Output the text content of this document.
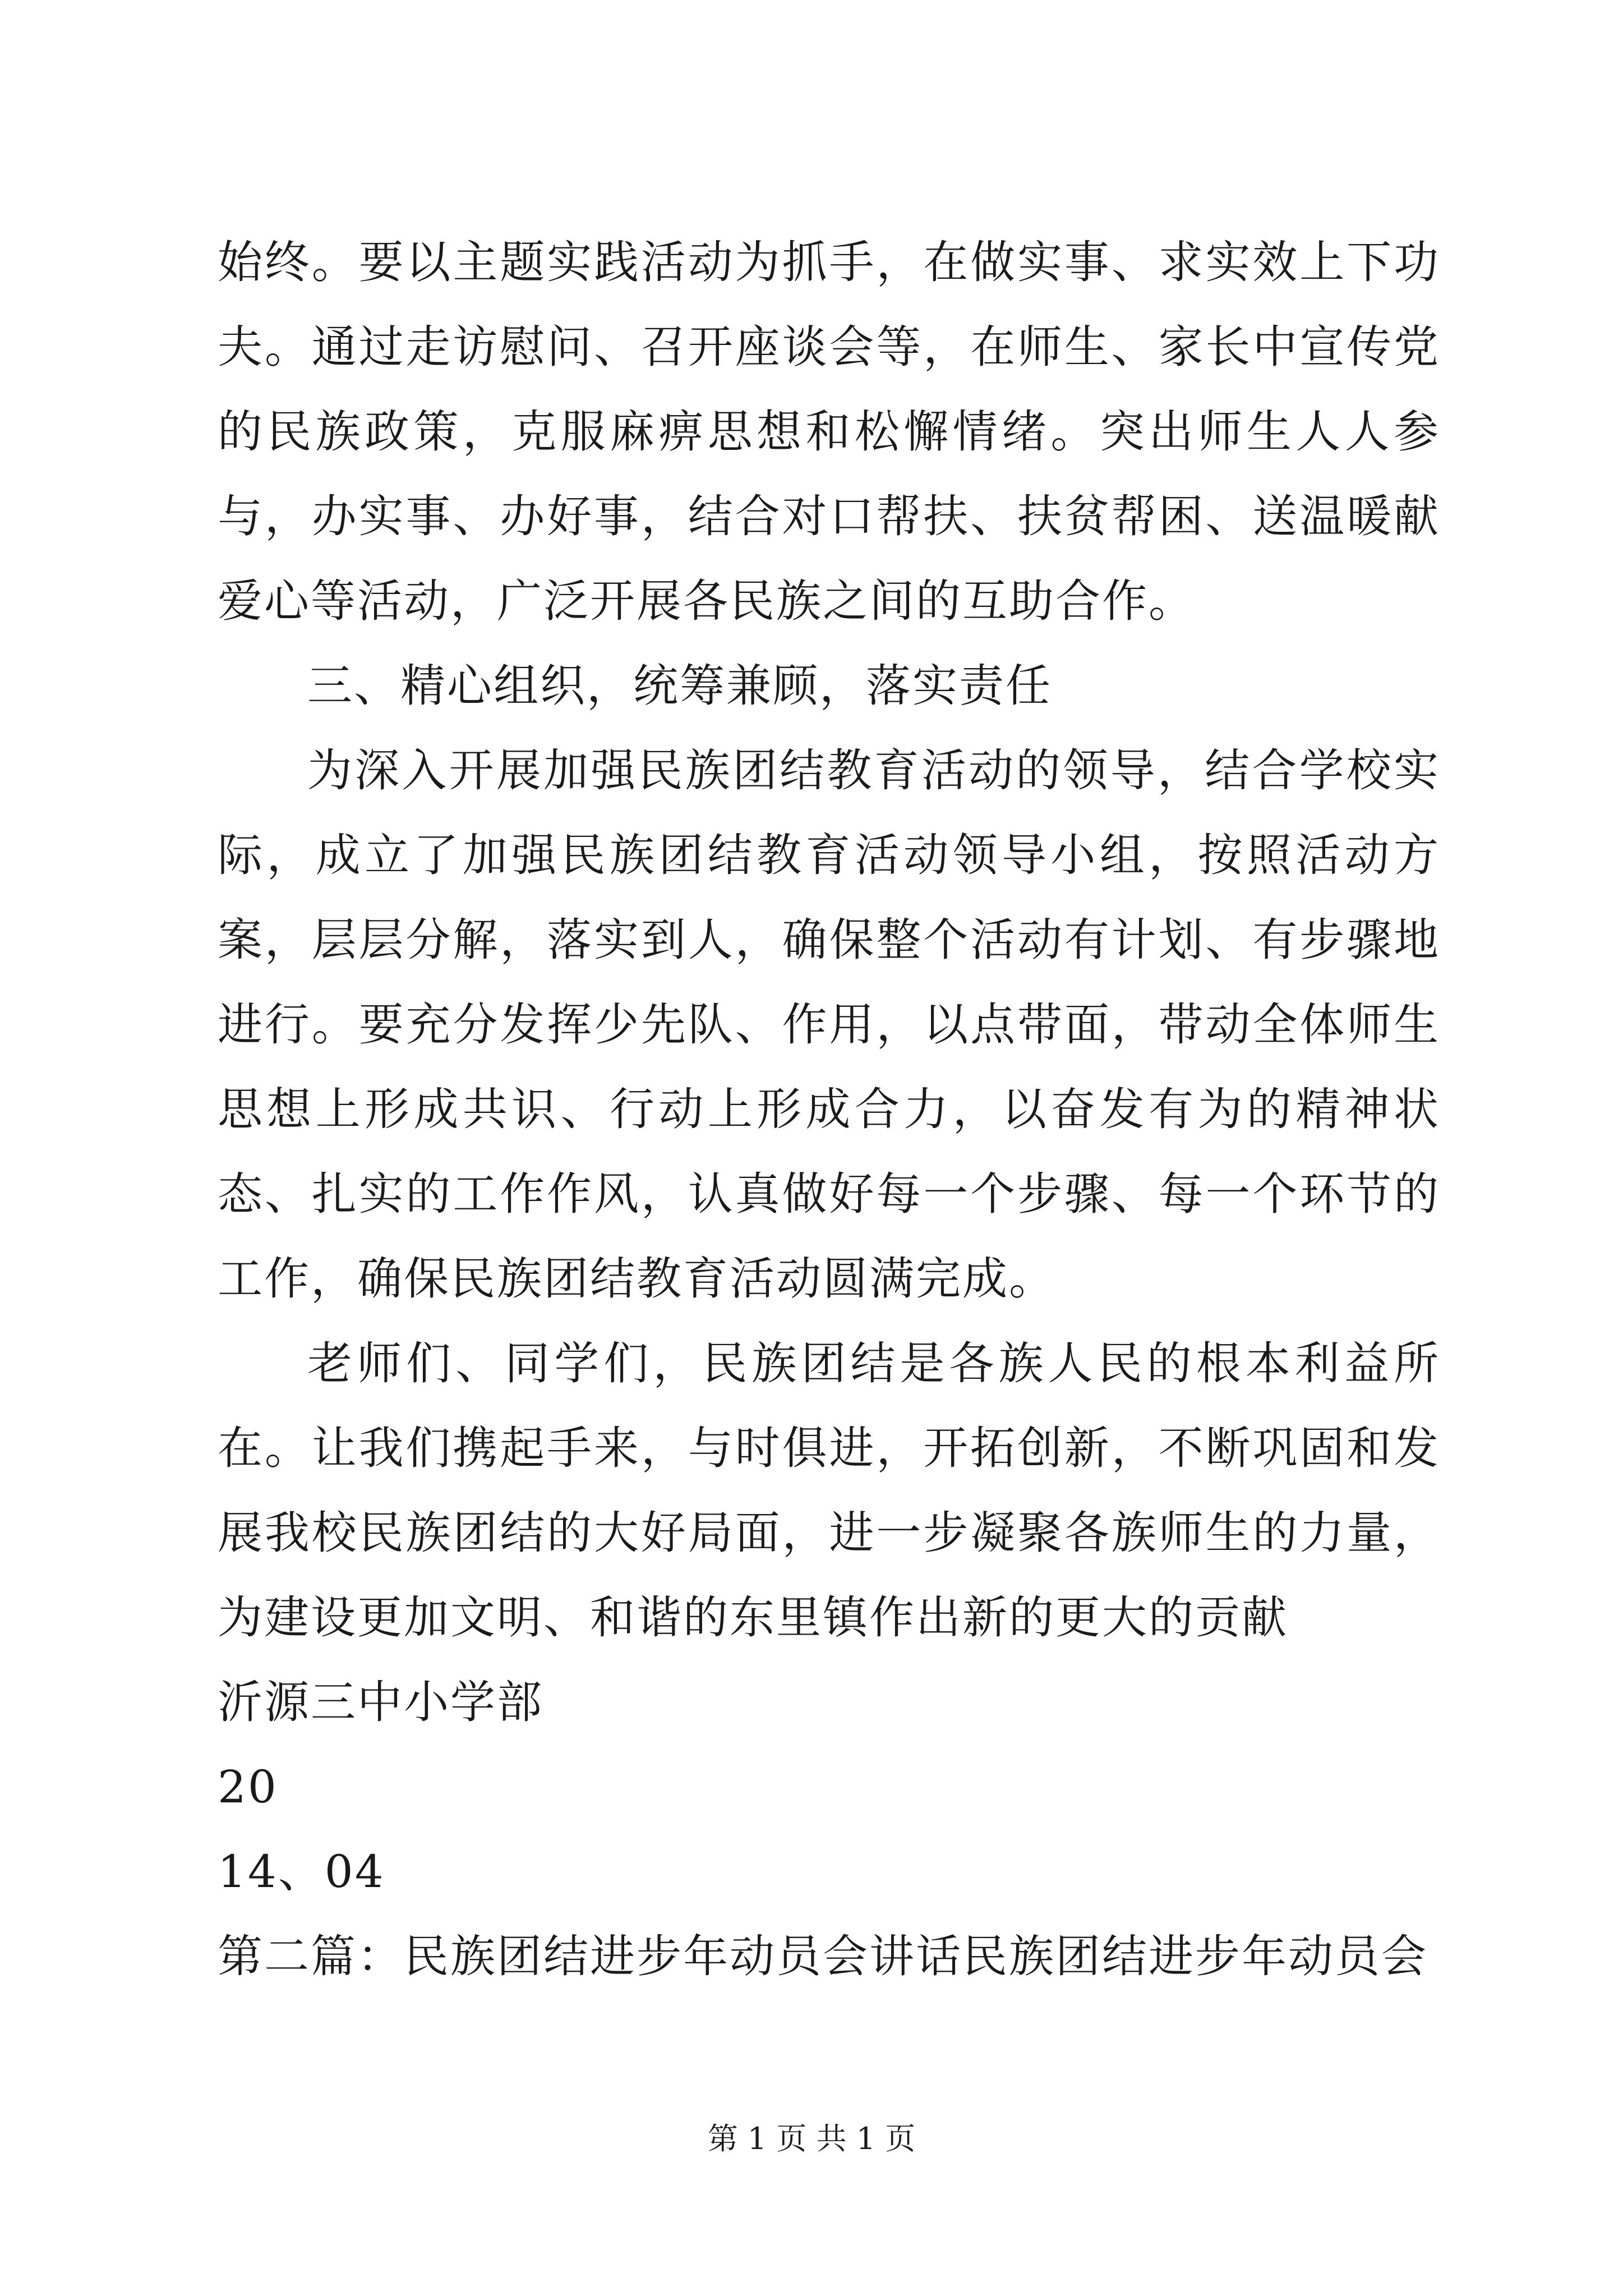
始终。要以主题实践活动为抓手，在做实事、求实效上下功夫。通过走访慰问、召开座谈会等，在师生、家长中宣传党的民族政策，克服麻痹思想和松懈情绪。突出师生人人参与，办实事、办好事，结合对口帮扶、扶贫帮困、送温暖献爱心等活动，广泛开展各民族之间的互助合作。

三、精心组织，统筹兼顾，落实责任

为深入开展加强民族团结教育活动的领导，结合学校实际，成立了加强民族团结教育活动领导小组，按照活动方案，层层分解，落实到人，确保整个活动有计划、有步骤地进行。要充分发挥少先队、作用，以点带面，带动全体师生思想上形成共识、行动上形成合力，以奋发有为的精神状态、扎实的工作作风，认真做好每一个步骤、每一个环节的工作，确保民族团结教育活动圆满完成。

老师们、同学们，民族团结是各族人民的根本利益所在。让我们携起手来，与时俱进，开拓创新，不断巩固和发展我校民族团结的大好局面，进一步凝聚各族师生的力量，为建设更加文明、和谐的东里镇作出新的更大的贡献

沂源三中小学部

20

14、04

第二篇：民族团结进步年动员会讲话民族团结进步年动员会

第 1 页 共 1 页
